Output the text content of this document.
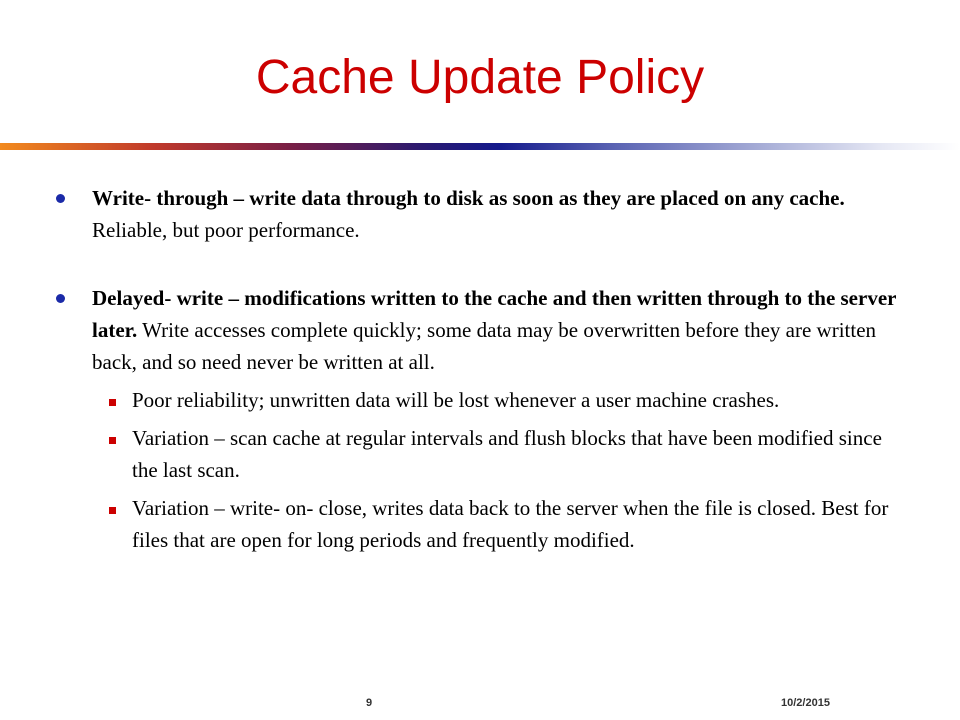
Cache Update Policy
Write- through – write data through to disk as soon as they are placed on any cache. Reliable, but poor performance.
Delayed- write – modifications written to the cache and then written through to the server later. Write accesses complete quickly; some data may be overwritten before they are written back, and so need never be written at all.
Poor reliability; unwritten data will be lost whenever a user machine crashes.
Variation – scan cache at regular intervals and flush blocks that have been modified since the last scan.
Variation – write- on- close, writes data back to the server when the file is closed. Best for files that are open for long periods and frequently modified.
9	10/2/2015
